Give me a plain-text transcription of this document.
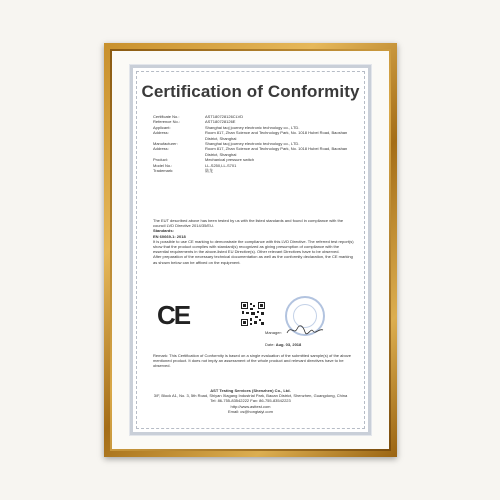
Certification of Conformity
Certificate No.:	AST180728126CLVD
Reference No.:	AST180728126E
Applicant:	Shanghai taoj journey electronic technology co., LTD.
Address:	Room 817, Zhan Science and Technology Park, No. 1018 Hubei Road, Baoshan District, Shanghai
Manufacturer:	Shanghai taoj journey electronic technology co., LTD.
Address:	Room 817, Zhan Science and Technology Park, No. 1018 Hubei Road, Baoshan District, Shanghai
Product:	Mechanical pressure switch
Model No.:	LL-S250,LL-S701
Trademark:	陆龙

The EUT described above has been tested by us with the listed standards and found in compliance with the council LVD Directive 2014/35/EU.

Standards:

EN 60669-1: 2018

It is possible to use CE marking to demonstrate the compliance with this LVD Directive. The referred test report(s) show that the product complies with standard(s) recognized as giving presumption of compliance with the essential requirements in the above-listed EU Directive(s). Other relevant Directives have to be observed.

After preparation of the necessary technical documentation as well as the conformity declaration, the CE marking as shown below can be affixed on the equipment.

CE
Manager:
Date: Aug. 03, 2018
Remark: This Certification of Conformity is based on a single evaluation of the submitted sample(s) of the above mentioned product. It does not imply an assessment of the whole product and relevant directives have to be observed.
AST Testing Services (Shenzhen) Co., Ltd.
3/F, Block A1, No. 3, 5th Road, Shiyan Xiagang Industrial Park, Baoan District, Shenzhen, Guangdong, China
Tel: 86-755-83542222 Fax: 86-755-83542223
http://www.asttest.com
Email: cs@hongtaiyi.com
